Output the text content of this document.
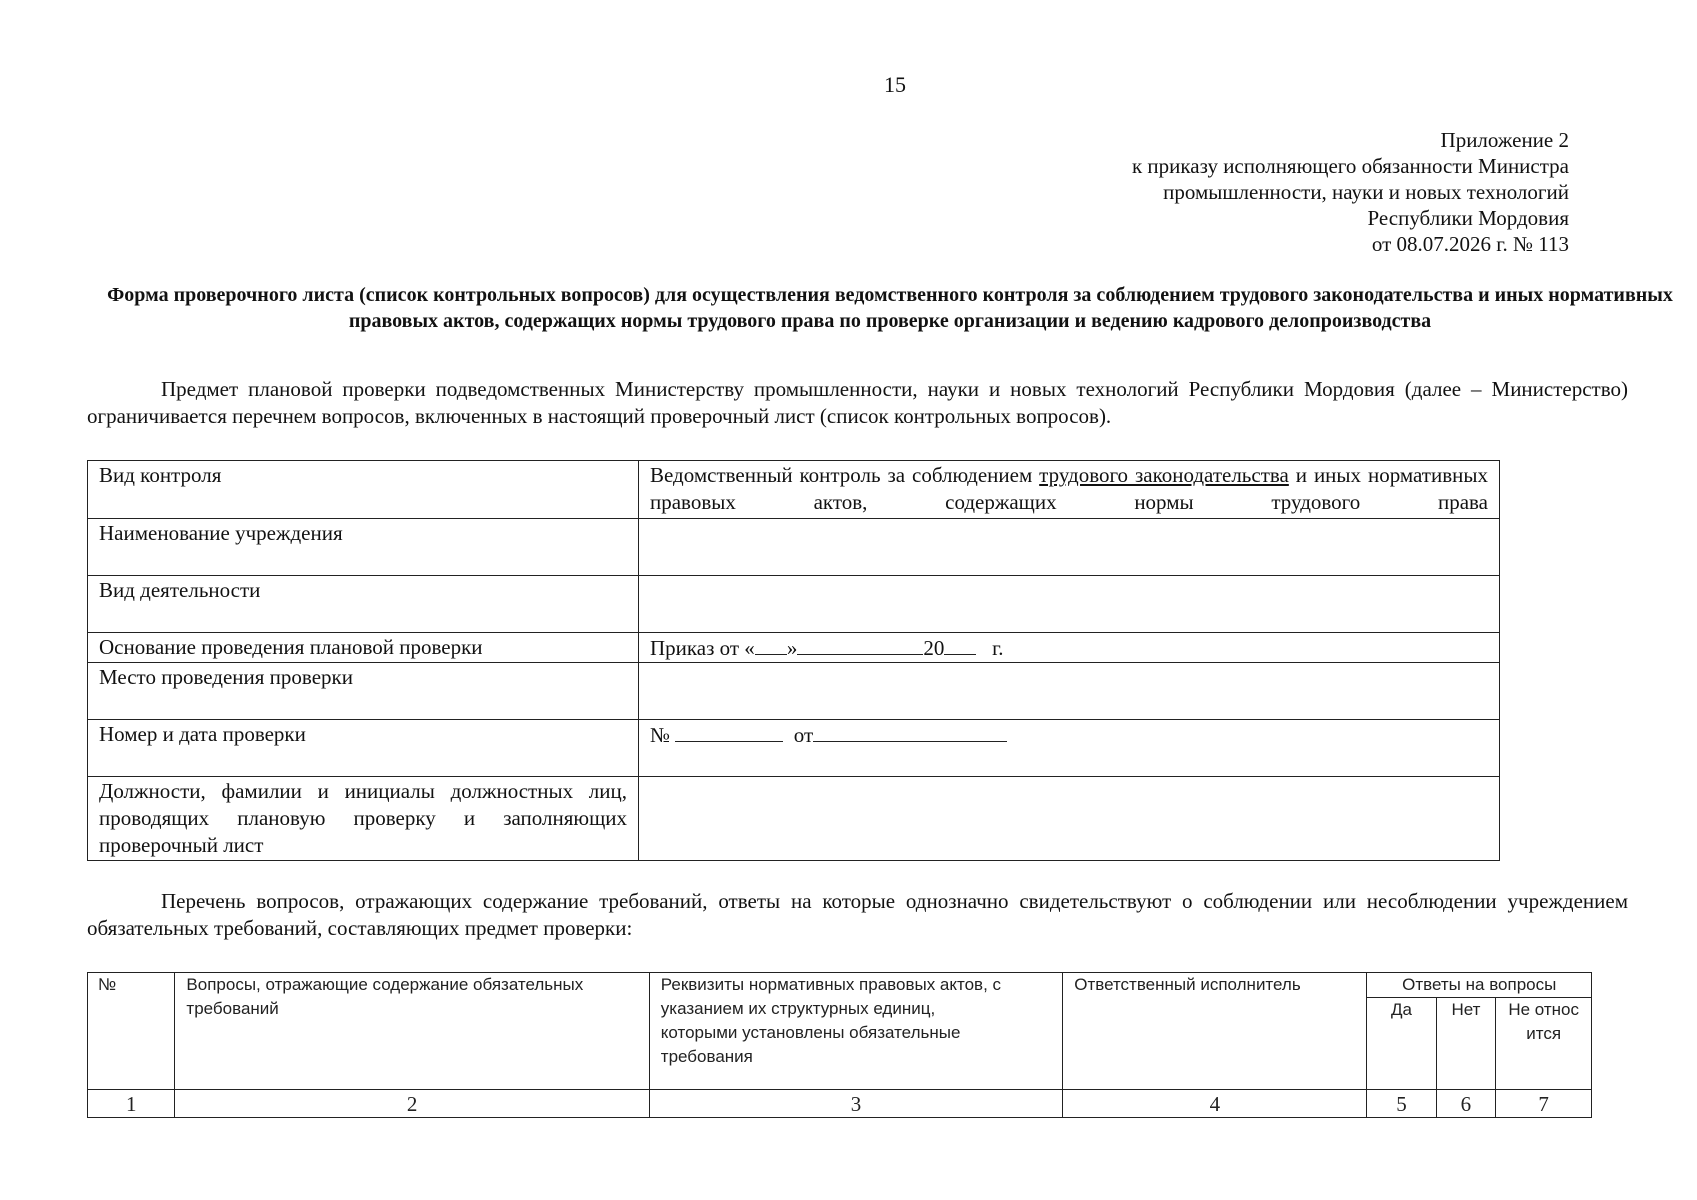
15
Приложение 2
к приказу исполняющего обязанности Министра
промышленности, науки и новых технологий
Республики Мордовия
от 08.07.2026 г. № 113
Форма проверочного листа (список контрольных вопросов) для осуществления ведомственного контроля за соблюдением трудового законодательства и иных нормативных правовых актов, содержащих нормы трудового права по проверке организации и ведению кадрового делопроизводства
Предмет плановой проверки подведомственных Министерству промышленности, науки и новых технологий Республики Мордовия (далее – Министерство) ограничивается перечнем вопросов, включенных в настоящий проверочный лист (список контрольных вопросов).
Вид контроля	Ведомственный контроль за соблюдением трудового законодательства и иных нормативных правовых актов, содержащих нормы трудового права
Наименование учреждения	
Вид деятельности	
Основание проведения плановой проверки	Приказ от « » 20 г.
Место проведения проверки	
Номер и дата проверки	№ от
Должности, фамилии и инициалы должностных лиц, проводящих плановую проверку и заполняющих проверочный лист	
Перечень вопросов, отражающих содержание требований, ответы на которые однозначно свидетельствуют о соблюдении или несоблюдении учреждением обязательных требований, составляющих предмет проверки:
№	Вопросы, отражающие содержание обязательных требований	Реквизиты нормативных правовых актов, с указанием их структурных единиц, которыми установлены обязательные требования	Ответственный исполнитель	Ответы на вопросы		
				Да	Нет	Не относится
1	2	3	4	5	6	7
